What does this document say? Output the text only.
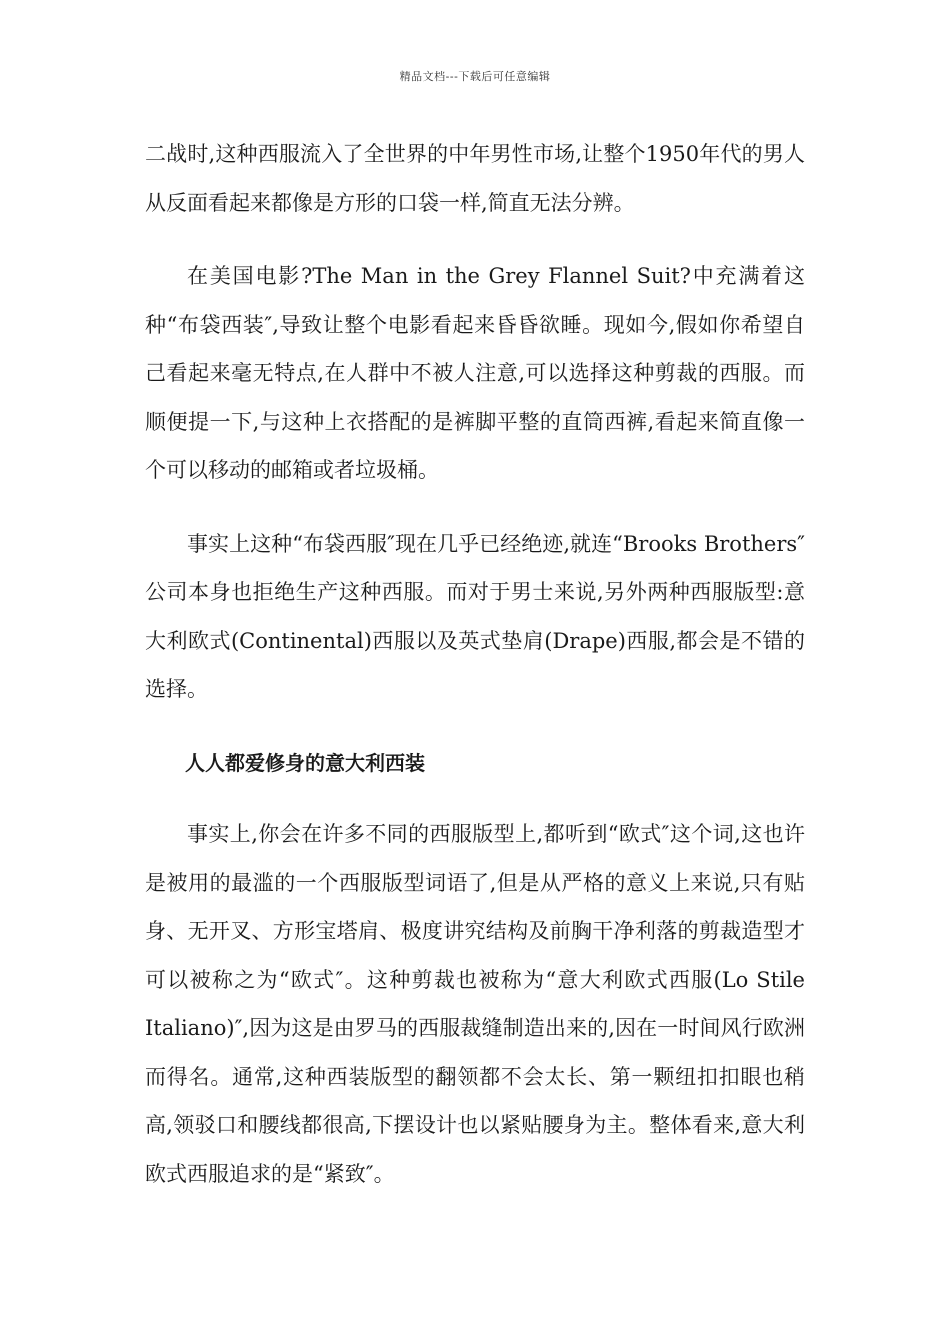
精品文档---下载后可任意编辑

二战时,这种西服流入了全世界的中年男性市场,让整个1950年代的男人从反面看起来都像是方形的口袋一样,简直无法分辨。

在美国电影?The Man in the Grey Flannel Suit?中充满着这种“布袋西装″,导致让整个电影看起来昏昏欲睡。现如今,假如你希望自己看起来毫无特点,在人群中不被人注意,可以选择这种剪裁的西服。而顺便提一下,与这种上衣搭配的是裤脚平整的直筒西裤,看起来简直像一个可以移动的邮箱或者垃圾桶。

事实上这种“布袋西服″现在几乎已经绝迹,就连“Brooks Brothers″公司本身也拒绝生产这种西服。而对于男士来说,另外两种西服版型:意大利欧式(Continental)西服以及英式垫肩(Drape)西服,都会是不错的选择。

人人都爱修身的意大利西装

事实上,你会在许多不同的西服版型上,都听到“欧式″这个词,这也许是被用的最滥的一个西服版型词语了,但是从严格的意义上来说,只有贴身、无开叉、方形宝塔肩、极度讲究结构及前胸干净利落的剪裁造型才可以被称之为“欧式″。这种剪裁也被称为“意大利欧式西服(Lo Stile Italiano)″,因为这是由罗马的西服裁缝制造出来的,因在一时间风行欧洲而得名。通常,这种西装版型的翻领都不会太长、第一颗纽扣扣眼也稍高,领驳口和腰线都很高,下摆设计也以紧贴腰身为主。整体看来,意大利欧式西服追求的是“紧致″。
